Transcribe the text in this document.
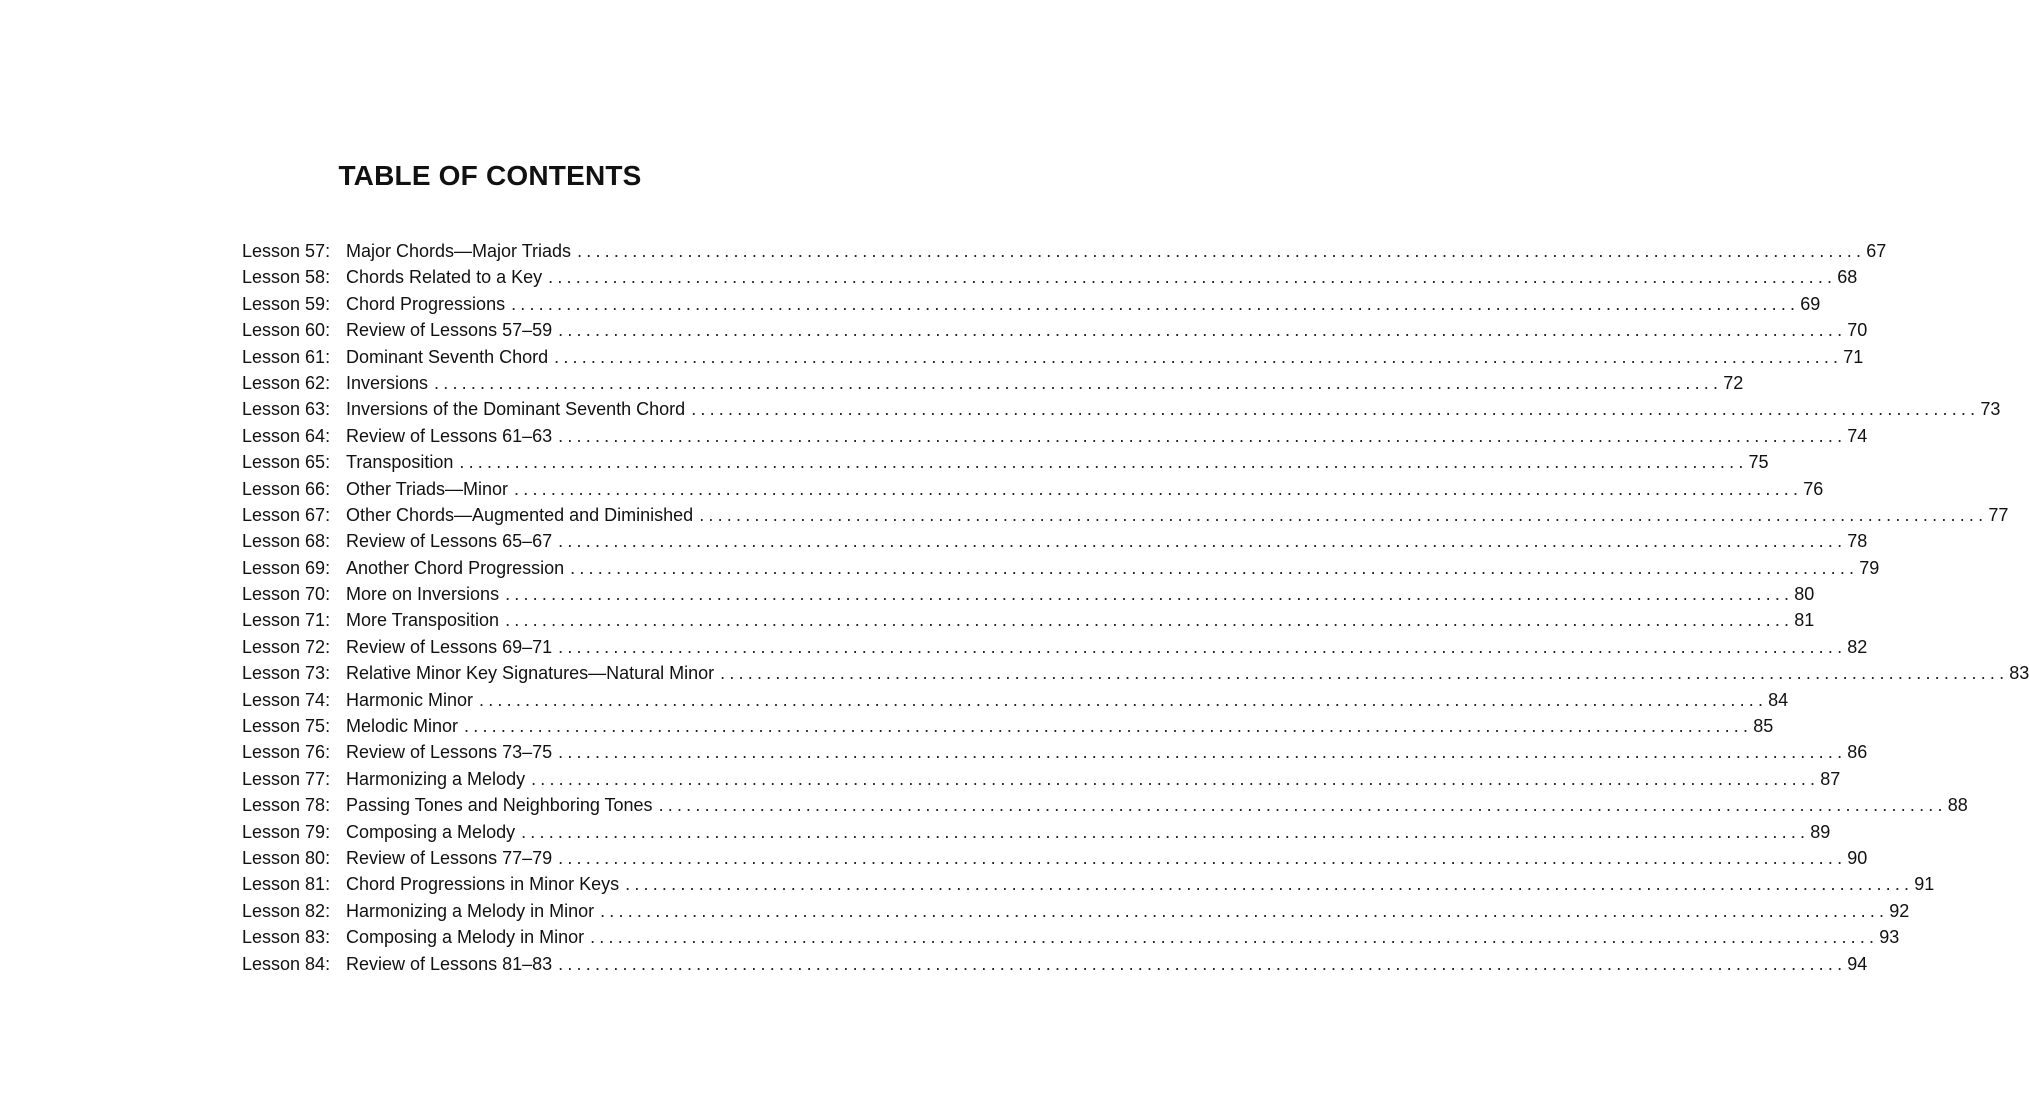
TABLE OF CONTENTS
Lesson 57: Major Chords—Major Triads ............................................................................................................................................ 67
Lesson 58: Chords Related to a Key ............................................................................................................................................ 68
Lesson 59: Chord Progressions ............................................................................................................................................ 69
Lesson 60: Review of Lessons 57–59 ............................................................................................................................................ 70
Lesson 61: Dominant Seventh Chord ............................................................................................................................................ 71
Lesson 62: Inversions ............................................................................................................................................ 72
Lesson 63: Inversions of the Dominant Seventh Chord ............................................................................................................................................ 73
Lesson 64: Review of Lessons 61–63 ............................................................................................................................................ 74
Lesson 65: Transposition ............................................................................................................................................ 75
Lesson 66: Other Triads—Minor ............................................................................................................................................ 76
Lesson 67: Other Chords—Augmented and Diminished ............................................................................................................................................ 77
Lesson 68: Review of Lessons 65–67 ............................................................................................................................................ 78
Lesson 69: Another Chord Progression ............................................................................................................................................ 79
Lesson 70: More on Inversions ............................................................................................................................................ 80
Lesson 71: More Transposition ............................................................................................................................................ 81
Lesson 72: Review of Lessons 69–71 ............................................................................................................................................ 82
Lesson 73: Relative Minor Key Signatures—Natural Minor ............................................................................................................................................ 83
Lesson 74: Harmonic Minor ............................................................................................................................................ 84
Lesson 75: Melodic Minor ............................................................................................................................................ 85
Lesson 76: Review of Lessons 73–75 ............................................................................................................................................ 86
Lesson 77: Harmonizing a Melody ............................................................................................................................................ 87
Lesson 78: Passing Tones and Neighboring Tones ............................................................................................................................................ 88
Lesson 79: Composing a Melody ............................................................................................................................................ 89
Lesson 80: Review of Lessons 77–79 ............................................................................................................................................ 90
Lesson 81: Chord Progressions in Minor Keys ............................................................................................................................................ 91
Lesson 82: Harmonizing a Melody in Minor ............................................................................................................................................ 92
Lesson 83: Composing a Melody in Minor ............................................................................................................................................ 93
Lesson 84: Review of Lessons 81–83 ............................................................................................................................................ 94
